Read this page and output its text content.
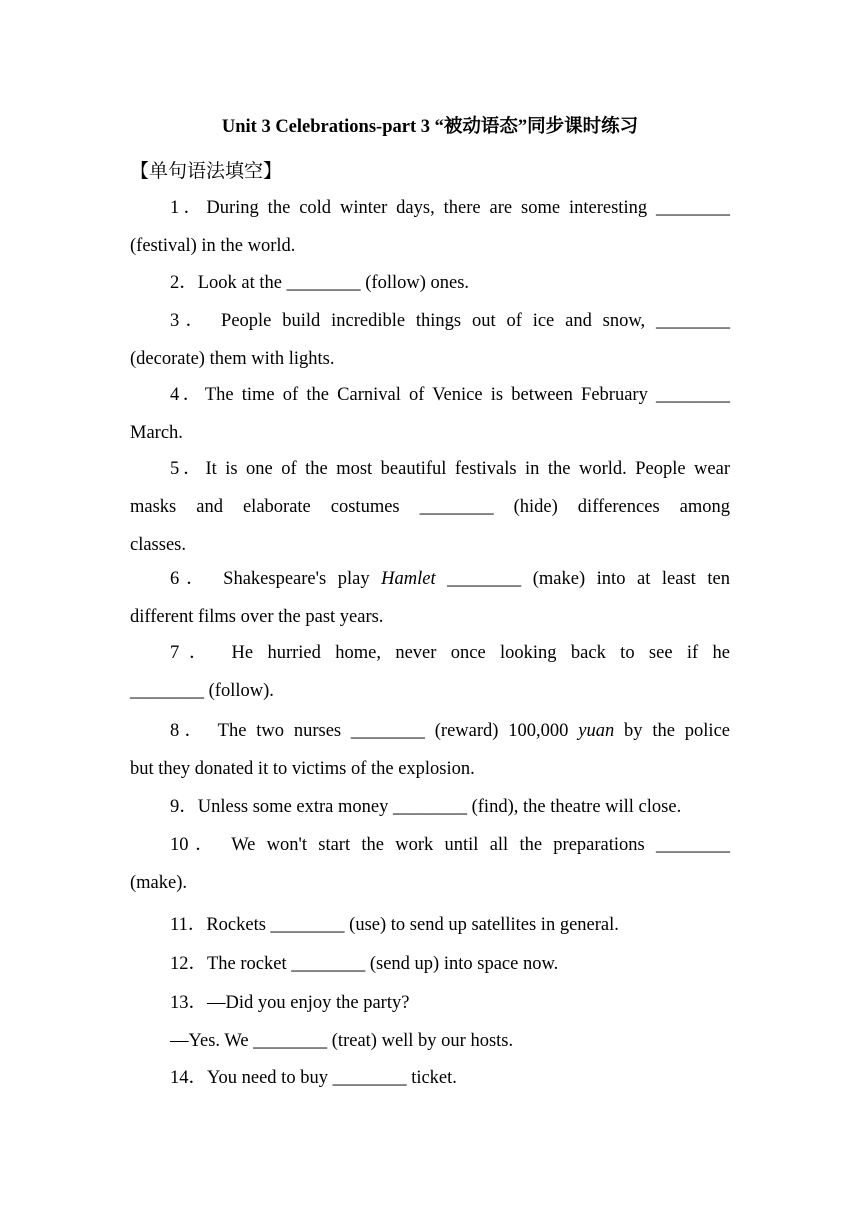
Unit 3 Celebrations-part 3 “被动语态”同步课时练习
【单句语法填空】
1．During the cold winter days, there are some interesting ________
(festival) in the world.
2．Look at the ________ (follow) ones.
3． People build incredible things out of ice and snow, ________
(decorate) them with lights.
4．The time of the Carnival of Venice is between February ________
March.
5．It is one of the most beautiful festivals in the world. People wear
masks and elaborate costumes ________ (hide) differences among
classes.
6． Shakespeare's play Hamlet ________ (make) into at least ten
different films over the past years.
7． He hurried home, never once looking back to see if he
________ (follow).
8． The two nurses ________ (reward) 100,000 yuan by the police
but they donated it to victims of the explosion.
9．Unless some extra money ________ (find), the theatre will close.
10． We won't start the work until all the preparations ________
(make).
11．Rockets ________ (use) to send up satellites in general.
12．The rocket ________ (send up) into space now.
13．—Did you enjoy the party?
—Yes. We ________ (treat) well by our hosts.
14．You need to buy ________ ticket.
